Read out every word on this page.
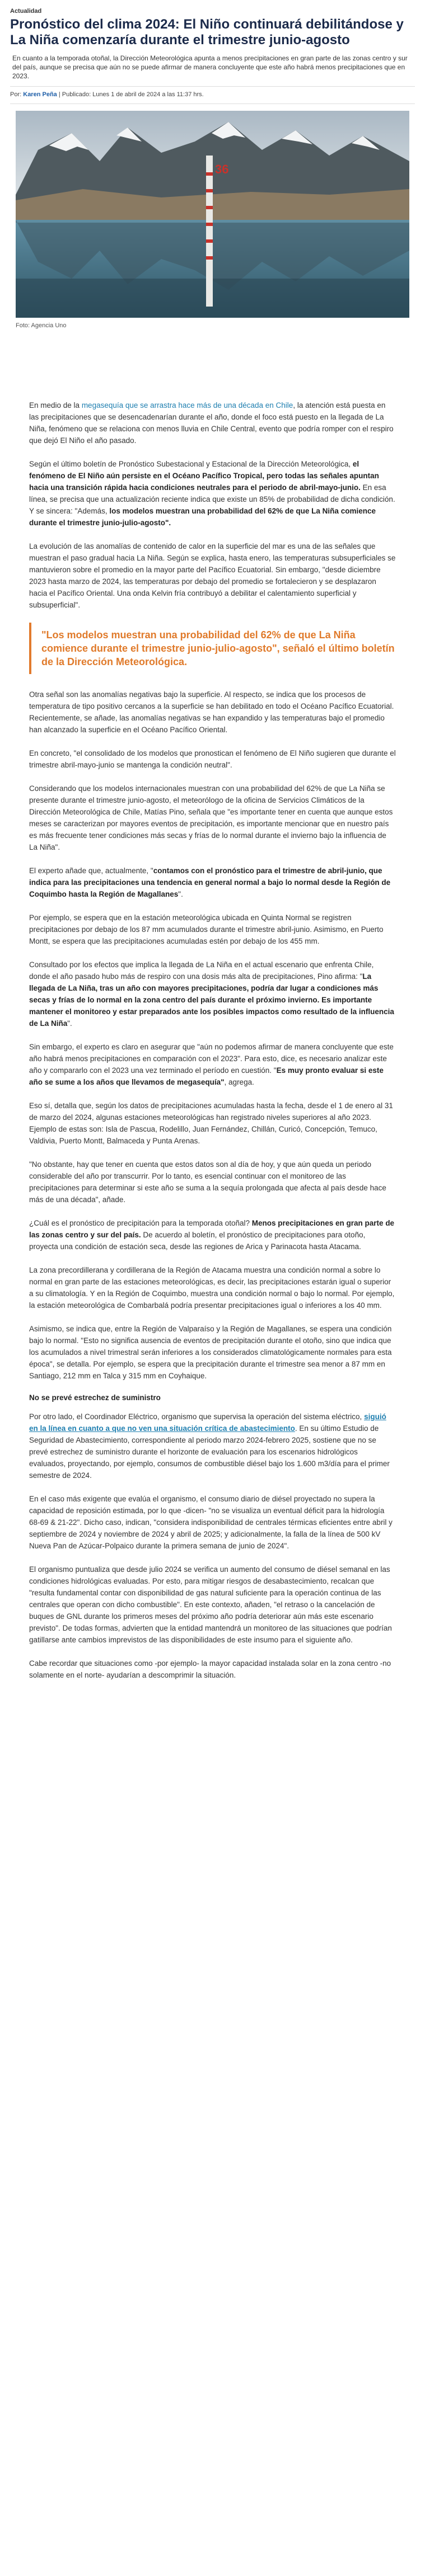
Actualidad
Pronóstico del clima 2024: El Niño continuará debilitándose y La Niña comenzaría durante el trimestre junio-agosto

En cuanto a la temporada otoñal, la Dirección Meteorológica apunta a menos precipitaciones en gran parte de las zonas centro y sur del país, aunque se precisa que aún no se puede afirmar de manera concluyente que este año habrá menos precipitaciones que en 2023.

Por: Karen Peña | Publicado: Lunes 1 de abril de 2024 a las 11:37 hrs.
36
Foto: Agencia Uno

En medio de la megasequía que se arrastra hace más de una década en Chile, la atención está puesta en las precipitaciones que se desencadenarían durante el año, donde el foco está puesto en la llegada de La Niña, fenómeno que se relaciona con menos lluvia en Chile Central, evento que podría romper con el respiro que dejó El Niño el año pasado.

Según el último boletín de Pronóstico Subestacional y Estacional de la Dirección Meteorológica, el fenómeno de El Niño aún persiste en el Océano Pacífico Tropical, pero todas las señales apuntan hacia una transición rápida hacia condiciones neutrales para el periodo de abril-mayo-junio. En esa línea, se precisa que una actualización reciente indica que existe un 85% de probabilidad de dicha condición. Y se sincera: "Además, los modelos muestran una probabilidad del 62% de que La Niña comience durante el trimestre junio-julio-agosto".

La evolución de las anomalías de contenido de calor en la superficie del mar es una de las señales que muestran el paso gradual hacia La Niña. Según se explica, hasta enero, las temperaturas subsuperficiales se mantuvieron sobre el promedio en la mayor parte del Pacífico Ecuatorial. Sin embargo, "desde diciembre 2023 hasta marzo de 2024, las temperaturas por debajo del promedio se fortalecieron y se desplazaron hacia el Pacífico Oriental. Una onda Kelvin fría contribuyó a debilitar el calentamiento superficial y subsuperficial".

"Los modelos muestran una probabilidad del 62% de que La Niña comience durante el trimestre junio-julio-agosto", señaló el último boletín de la Dirección Meteorológica.

Otra señal son las anomalías negativas bajo la superficie. Al respecto, se indica que los procesos de temperatura de tipo positivo cercanos a la superficie se han debilitado en todo el Océano Pacífico Ecuatorial. Recientemente, se añade, las anomalías negativas se han expandido y las temperaturas bajo el promedio han alcanzado la superficie en el Océano Pacífico Oriental.

En concreto, "el consolidado de los modelos que pronostican el fenómeno de El Niño sugieren que durante el trimestre abril-mayo-junio se mantenga la condición neutral".

Considerando que los modelos internacionales muestran con una probabilidad del 62% de que La Niña se presente durante el trimestre junio-agosto, el meteorólogo de la oficina de Servicios Climáticos de la Dirección Meteorológica de Chile, Matías Pino, señala que "es importante tener en cuenta que aunque estos meses se caracterizan por mayores eventos de precipitación, es importante mencionar que en nuestro país es más frecuente tener condiciones más secas y frías de lo normal durante el invierno bajo la influencia de La Niña".

El experto añade que, actualmente, "contamos con el pronóstico para el trimestre de abril-junio, que indica para las precipitaciones una tendencia en general normal a bajo lo normal desde la Región de Coquimbo hasta la Región de Magallanes".

Por ejemplo, se espera que en la estación meteorológica ubicada en Quinta Normal se registren precipitaciones por debajo de los 87 mm acumulados durante el trimestre abril-junio. Asimismo, en Puerto Montt, se espera que las precipitaciones acumuladas estén por debajo de los 455 mm.

Consultado por los efectos que implica la llegada de La Niña en el actual escenario que enfrenta Chile, donde el año pasado hubo más de respiro con una dosis más alta de precipitaciones, Pino afirma: "La llegada de La Niña, tras un año con mayores precipitaciones, podría dar lugar a condiciones más secas y frías de lo normal en la zona centro del país durante el próximo invierno. Es importante mantener el monitoreo y estar preparados ante los posibles impactos como resultado de la influencia de La Niña".

Sin embargo, el experto es claro en asegurar que "aún no podemos afirmar de manera concluyente que este año habrá menos precipitaciones en comparación con el 2023". Para esto, dice, es necesario analizar este año y compararlo con el 2023 una vez terminado el período en cuestión. "Es muy pronto evaluar si este año se sume a los años que llevamos de megasequía", agrega.

Eso sí, detalla que, según los datos de precipitaciones acumuladas hasta la fecha, desde el 1 de enero al 31 de marzo del 2024, algunas estaciones meteorológicas han registrado niveles superiores al año 2023. Ejemplo de estas son: Isla de Pascua, Rodelillo, Juan Fernández, Chillán, Curicó, Concepción, Temuco, Valdivia, Puerto Montt, Balmaceda y Punta Arenas.

"No obstante, hay que tener en cuenta que estos datos son al día de hoy, y que aún queda un periodo considerable del año por transcurrir. Por lo tanto, es esencial continuar con el monitoreo de las precipitaciones para determinar si este año se suma a la sequía prolongada que afecta al país desde hace más de una década", añade.

¿Cuál es el pronóstico de precipitación para la temporada otoñal? Menos precipitaciones en gran parte de las zonas centro y sur del país. De acuerdo al boletín, el pronóstico de precipitaciones para otoño, proyecta una condición de estación seca, desde las regiones de Arica y Parinacota hasta Atacama.

La zona precordillerana y cordillerana de la Región de Atacama muestra una condición normal a sobre lo normal en gran parte de las estaciones meteorológicas, es decir, las precipitaciones estarán igual o superior a su climatología. Y en la Región de Coquimbo, muestra una condición normal o bajo lo normal. Por ejemplo, la estación meteorológica de Combarbalá podría presentar precipitaciones igual o inferiores a los 40 mm.

Asimismo, se indica que, entre la Región de Valparaíso y la Región de Magallanes, se espera una condición bajo lo normal. "Esto no significa ausencia de eventos de precipitación durante el otoño, sino que indica que los acumulados a nivel trimestral serán inferiores a los considerados climatológicamente normales para esta época", se detalla. Por ejemplo, se espera que la precipitación durante el trimestre sea menor a 87 mm en Santiago, 212 mm en Talca y 315 mm en Coyhaique.

No se prevé estrechez de suministro

Por otro lado, el Coordinador Eléctrico, organismo que supervisa la operación del sistema eléctrico, siguió en la línea en cuanto a que no ven una situación crítica de abastecimiento. En su último Estudio de Seguridad de Abastecimiento, correspondiente al periodo marzo 2024-febrero 2025, sostiene que no se prevé estrechez de suministro durante el horizonte de evaluación para los escenarios hidrológicos evaluados, proyectando, por ejemplo, consumos de combustible diésel bajo los 1.600 m3/día para el primer semestre de 2024.

En el caso más exigente que evalúa el organismo, el consumo diario de diésel proyectado no supera la capacidad de reposición estimada, por lo que -dicen- "no se visualiza un eventual déficit para la hidrología 68-69 & 21-22". Dicho caso, indican, "considera indisponibilidad de centrales térmicas eficientes entre abril y septiembre de 2024 y noviembre de 2024 y abril de 2025; y adicionalmente, la falla de la línea de 500 kV Nueva Pan de Azúcar-Polpaico durante la primera semana de junio de 2024".

El organismo puntualiza que desde julio 2024 se verifica un aumento del consumo de diésel semanal en las condiciones hidrológicas evaluadas. Por esto, para mitigar riesgos de desabastecimiento, recalcan que "resulta fundamental contar con disponibilidad de gas natural suficiente para la operación continua de las centrales que operan con dicho combustible". En este contexto, añaden, "el retraso o la cancelación de buques de GNL durante los primeros meses del próximo año podría deteriorar aún más este escenario previsto". De todas formas, advierten que la entidad mantendrá un monitoreo de las situaciones que podrían gatillarse ante cambios imprevistos de las disponibilidades de este insumo para el siguiente año.

Cabe recordar que situaciones como -por ejemplo- la mayor capacidad instalada solar en la zona centro -no solamente en el norte- ayudarían a descomprimir la situación.
